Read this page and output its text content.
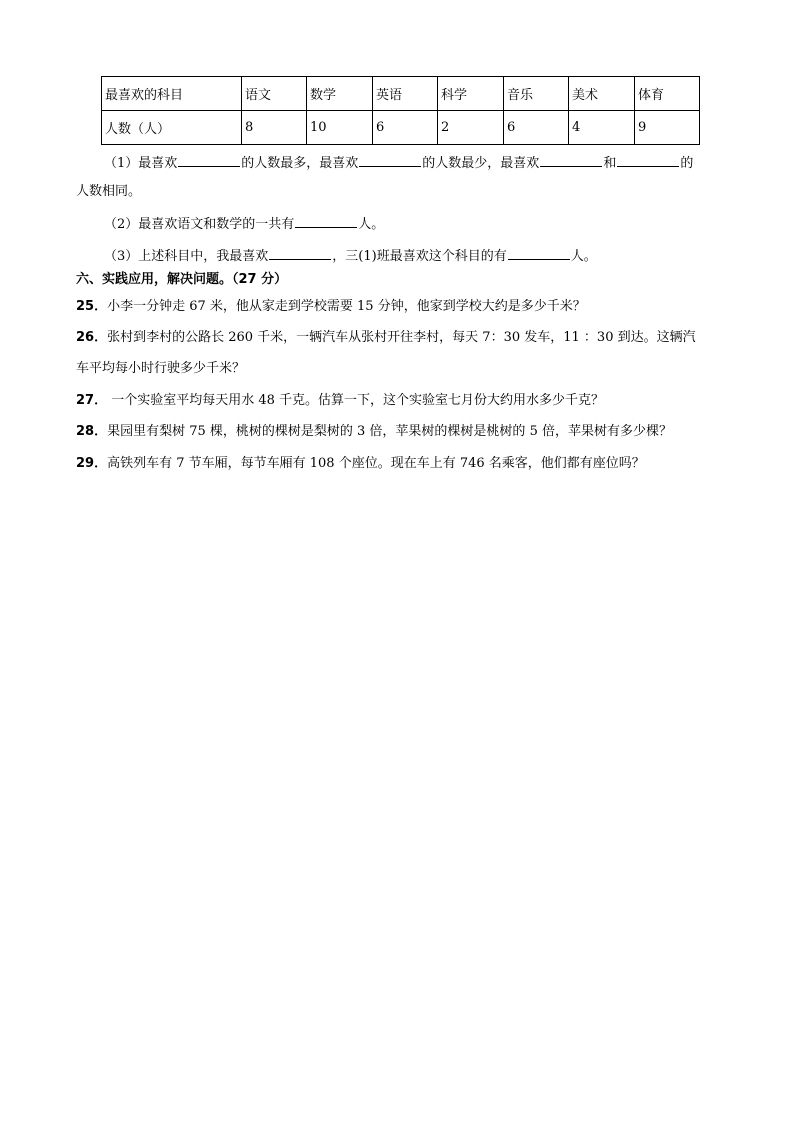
最喜欢的科目	语文	数学	英语	科学	音乐	美术	体育
人数（人）	8	10	6	2	6	4	9
（1）最喜欢	的人数最多，最喜欢	的人数最少，最喜欢	和	的
人数相同。
（2）最喜欢语文和数学的一共有	人。
（3）上述科目中，我最喜欢	，三(1)班最喜欢这个科目的有	人。
六、实践应用，解决问题。（27 分）
25．小李一分钟走 67 米，他从家走到学校需要 15 分钟，他家到学校大约是多少千米？
26．张村到李村的公路长 260 千米，一辆汽车从张村开往李村，每天 7：30 发车，11 ：30 到达。这辆汽
车平均每小时行驶多少千米？
27． 一个实验室平均每天用水 48 千克。估算一下，这个实验室七月份大约用水多少千克？
28．果园里有梨树 75 棵，桃树的棵树是梨树的 3 倍，苹果树的棵树是桃树的 5 倍，苹果树有多少棵？
29．高铁列车有 7 节车厢，每节车厢有 108 个座位。现在车上有 746 名乘客，他们都有座位吗？
